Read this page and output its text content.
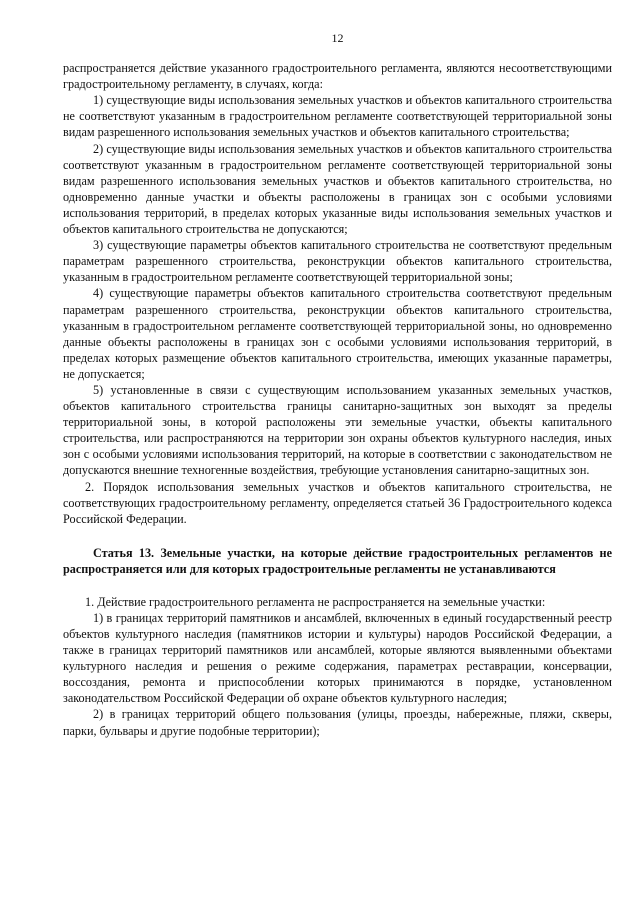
12

распространяется действие указанного градостроительного регламента, являются несоответствующими градостроительному регламенту, в случаях, когда:

1) существующие виды использования земельных участков и объектов капитального строительства не соответствуют указанным в градостроительном регламенте соответствующей территориальной зоны видам разрешенного использования земельных участков и объектов капитального строительства;

2) существующие виды использования земельных участков и объектов капитального строительства соответствуют указанным в градостроительном регламенте соответствующей территориальной зоны видам разрешенного использования земельных участков и объектов капитального строительства, но одновременно данные участки и объекты расположены в границах зон с особыми условиями использования территорий, в пределах которых указанные виды использования земельных участков и объектов капитального строительства не допускаются;

3) существующие параметры объектов капитального строительства не соответствуют предельным параметрам разрешенного строительства, реконструкции объектов капитального строительства, указанным в градостроительном регламенте соответствующей территориальной зоны;

4) существующие параметры объектов капитального строительства соответствуют предельным параметрам разрешенного строительства, реконструкции объектов капитального строительства, указанным в градостроительном регламенте соответствующей территориальной зоны, но одновременно данные объекты расположены в границах зон с особыми условиями использования территорий, в пределах которых размещение объектов капитального строительства, имеющих указанные параметры, не допускается;

5) установленные в связи с существующим использованием указанных земельных участков, объектов капитального строительства границы санитарно-защитных зон выходят за пределы территориальной зоны, в которой расположены эти земельные участки, объекты капитального строительства, или распространяются на территории зон охраны объектов культурного наследия, иных зон с особыми условиями использования территорий, на которые в соответствии с законодательством не допускаются внешние техногенные воздействия, требующие установления санитарно-защитных зон.

2. Порядок использования земельных участков и объектов капитального строительства, не соответствующих градостроительному регламенту, определяется статьей 36 Градостроительного кодекса Российской Федерации.

Статья 13. Земельные участки, на которые действие градостроительных регламентов не распространяется или для которых градостроительные регламенты не устанавливаются

1. Действие градостроительного регламента не распространяется на земельные участки:

1) в границах территорий памятников и ансамблей, включенных в единый государственный реестр объектов культурного наследия (памятников истории и культуры) народов Российской Федерации, а также в границах территорий памятников или ансамблей, которые являются выявленными объектами культурного наследия и решения о режиме содержания, параметрах реставрации, консервации, воссоздания, ремонта и приспособлении которых принимаются в порядке, установленном законодательством Российской Федерации об охране объектов культурного наследия;

2) в границах территорий общего пользования (улицы, проезды, набережные, пляжи, скверы, парки, бульвары и другие подобные территории);
